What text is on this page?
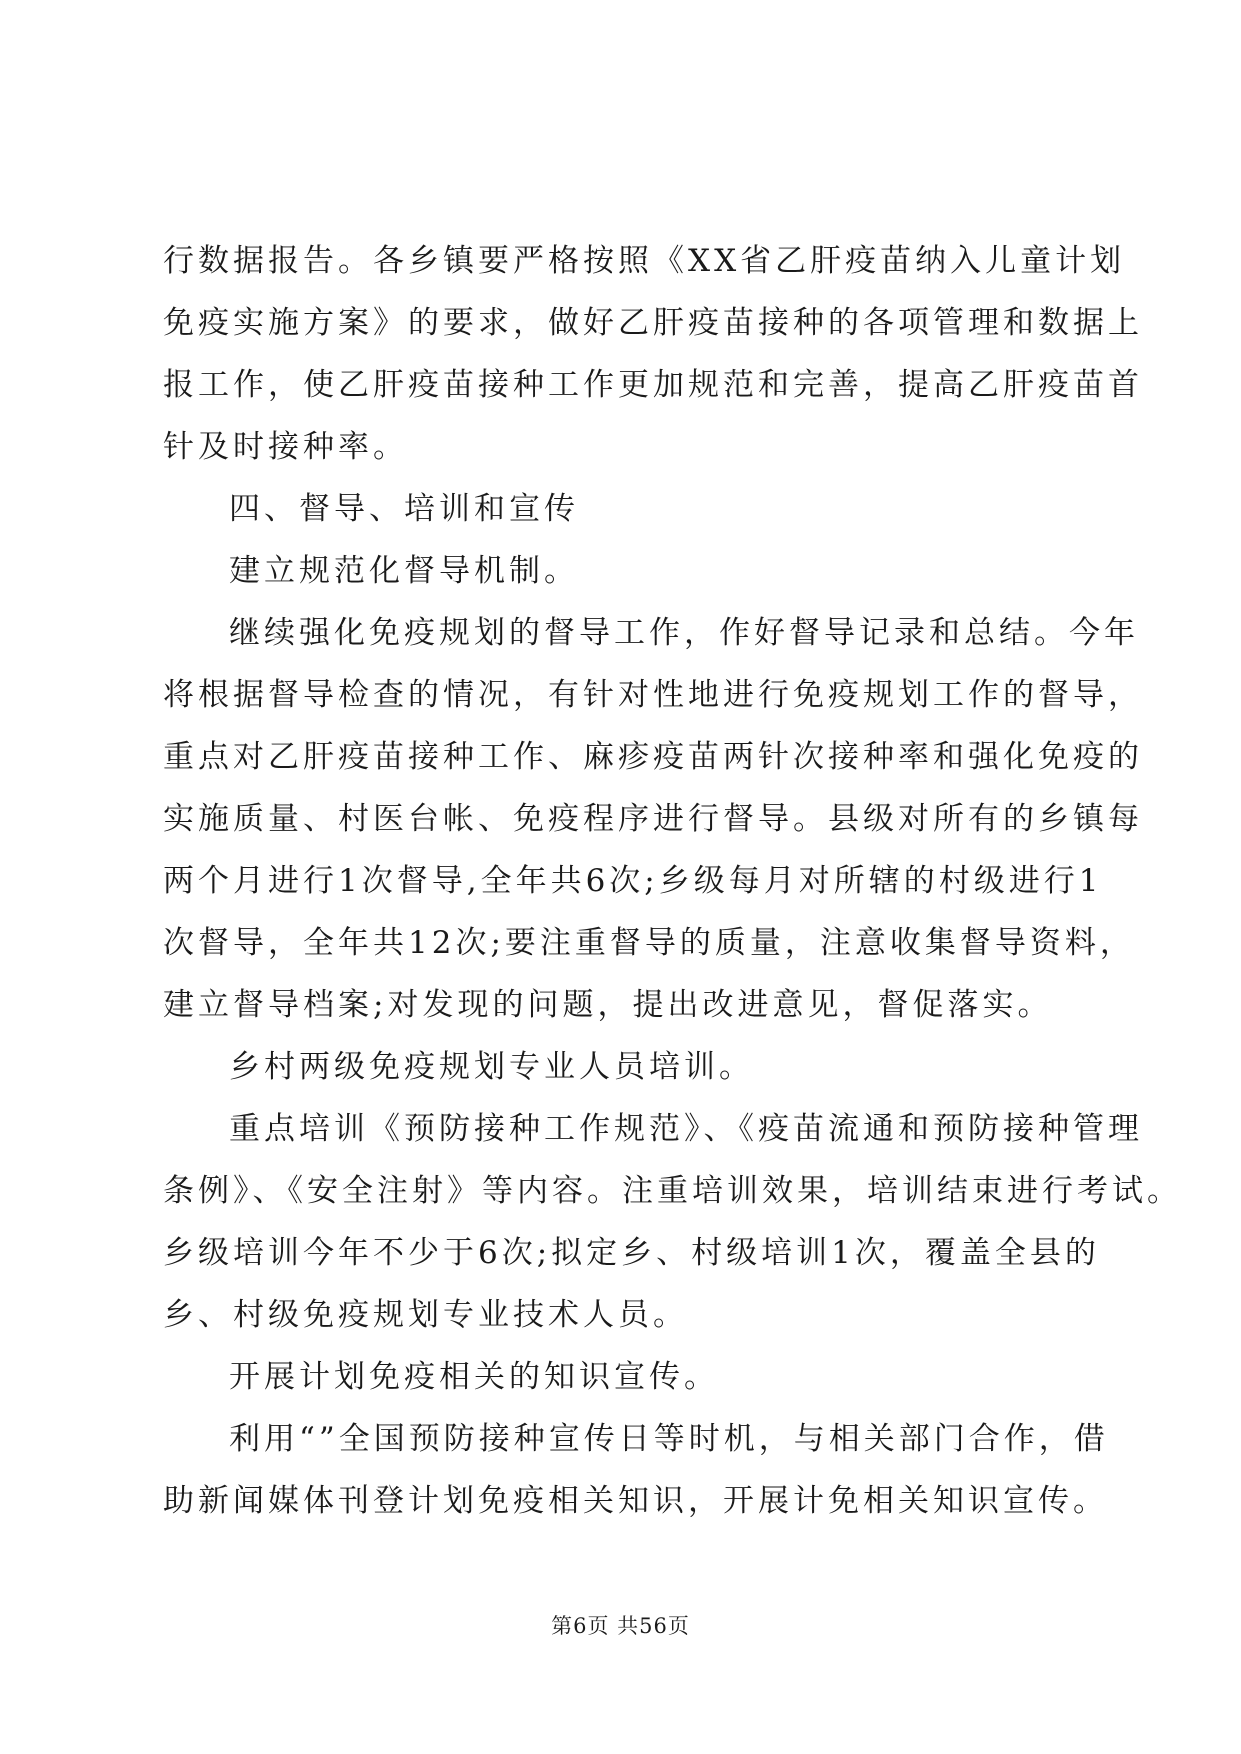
行数据报告。各乡镇要严格按照《XX省乙肝疫苗纳入儿童计划
免疫实施方案》的要求，做好乙肝疫苗接种的各项管理和数据上
报工作，使乙肝疫苗接种工作更加规范和完善，提高乙肝疫苗首
针及时接种率。
四、督导、培训和宣传
建立规范化督导机制。
继续强化免疫规划的督导工作，作好督导记录和总结。今年
将根据督导检查的情况，有针对性地进行免疫规划工作的督导，
重点对乙肝疫苗接种工作、麻疹疫苗两针次接种率和强化免疫的
实施质量、村医台帐、免疫程序进行督导。县级对所有的乡镇每
两个月进行1次督导,全年共6次;乡级每月对所辖的村级进行1
次督导，全年共12次;要注重督导的质量，注意收集督导资料，
建立督导档案;对发现的问题，提出改进意见，督促落实。
乡村两级免疫规划专业人员培训。
重点培训《预防接种工作规范》、《疫苗流通和预防接种管理
条例》、《安全注射》等内容。注重培训效果，培训结束进行考试。
乡级培训今年不少于6次;拟定乡、村级培训1次，覆盖全县的
乡、村级免疫规划专业技术人员。
开展计划免疫相关的知识宣传。
利用“”全国预防接种宣传日等时机，与相关部门合作，借
助新闻媒体刊登计划免疫相关知识，开展计免相关知识宣传。
第6页 共56页
